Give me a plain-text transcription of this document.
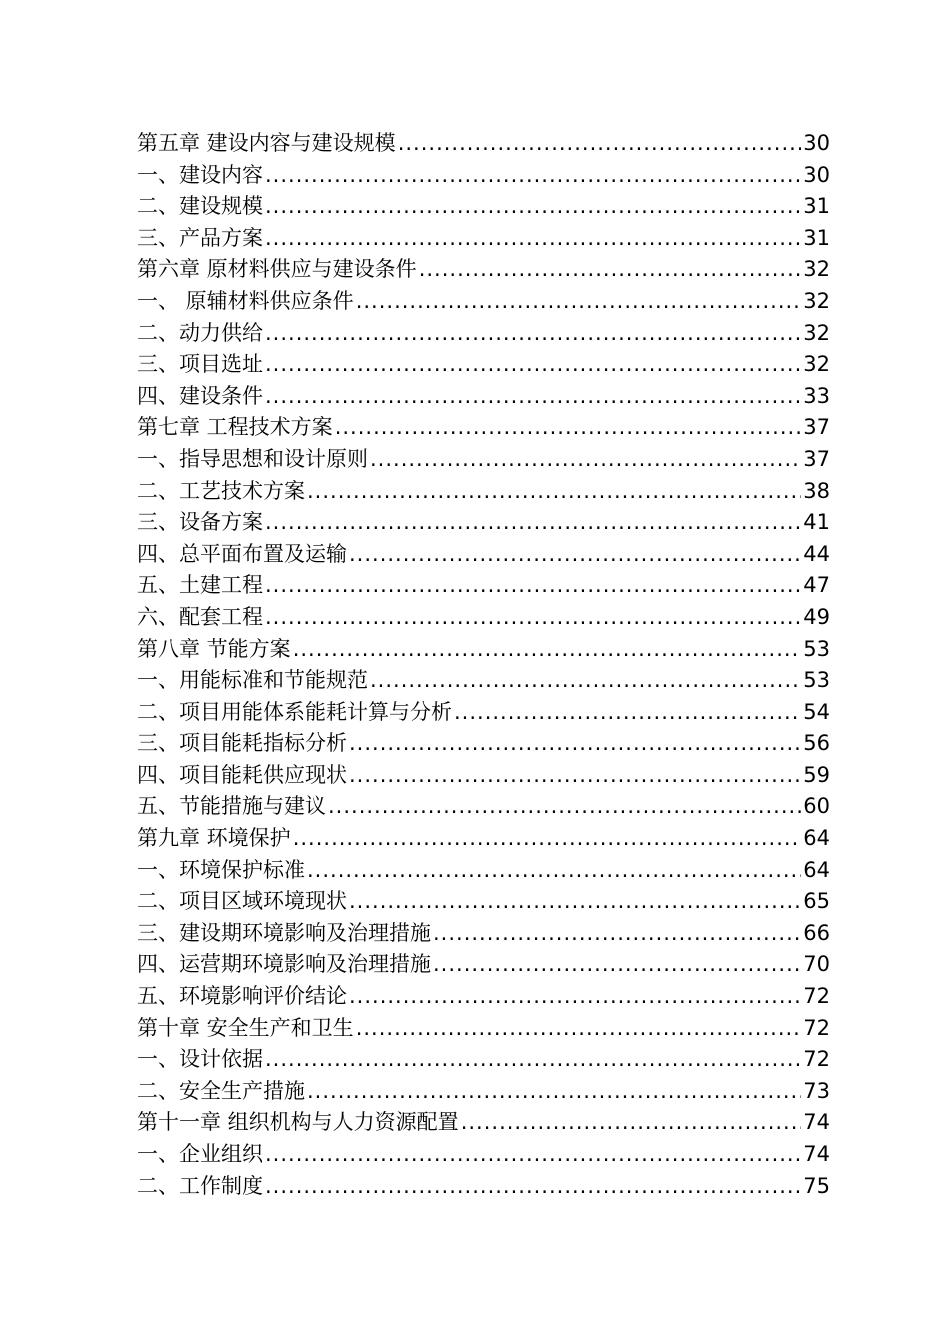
第五章 建设内容与建设规模 .....	30
一、建设内容 .....	30
二、建设规模 .....	31
三、产品方案 .....	31
第六章 原材料供应与建设条件 .....	32
一、 原辅材料供应条件 .....	32
二、动力供给 .....	32
三、项目选址 .....	32
四、建设条件 .....	33
第七章 工程技术方案 .....	37
一、指导思想和设计原则 .....	37
二、工艺技术方案 .....	38
三、设备方案 .....	41
四、总平面布置及运输 .....	44
五、土建工程 .....	47
六、配套工程 .....	49
第八章 节能方案 .....	53
一、用能标准和节能规范 .....	53
二、项目用能体系能耗计算与分析 .....	54
三、项目能耗指标分析 .....	56
四、项目能耗供应现状 .....	59
五、节能措施与建议 .....	60
第九章 环境保护 .....	64
一、环境保护标准 .....	64
二、项目区域环境现状 .....	65
三、建设期环境影响及治理措施 .....	66
四、运营期环境影响及治理措施 .....	70
五、环境影响评价结论 .....	72
第十章 安全生产和卫生 .....	72
一、设计依据 .....	72
二、安全生产措施 .....	73
第十一章 组织机构与人力资源配置 .....	74
一、企业组织 .....	74
二、工作制度 .....	75
